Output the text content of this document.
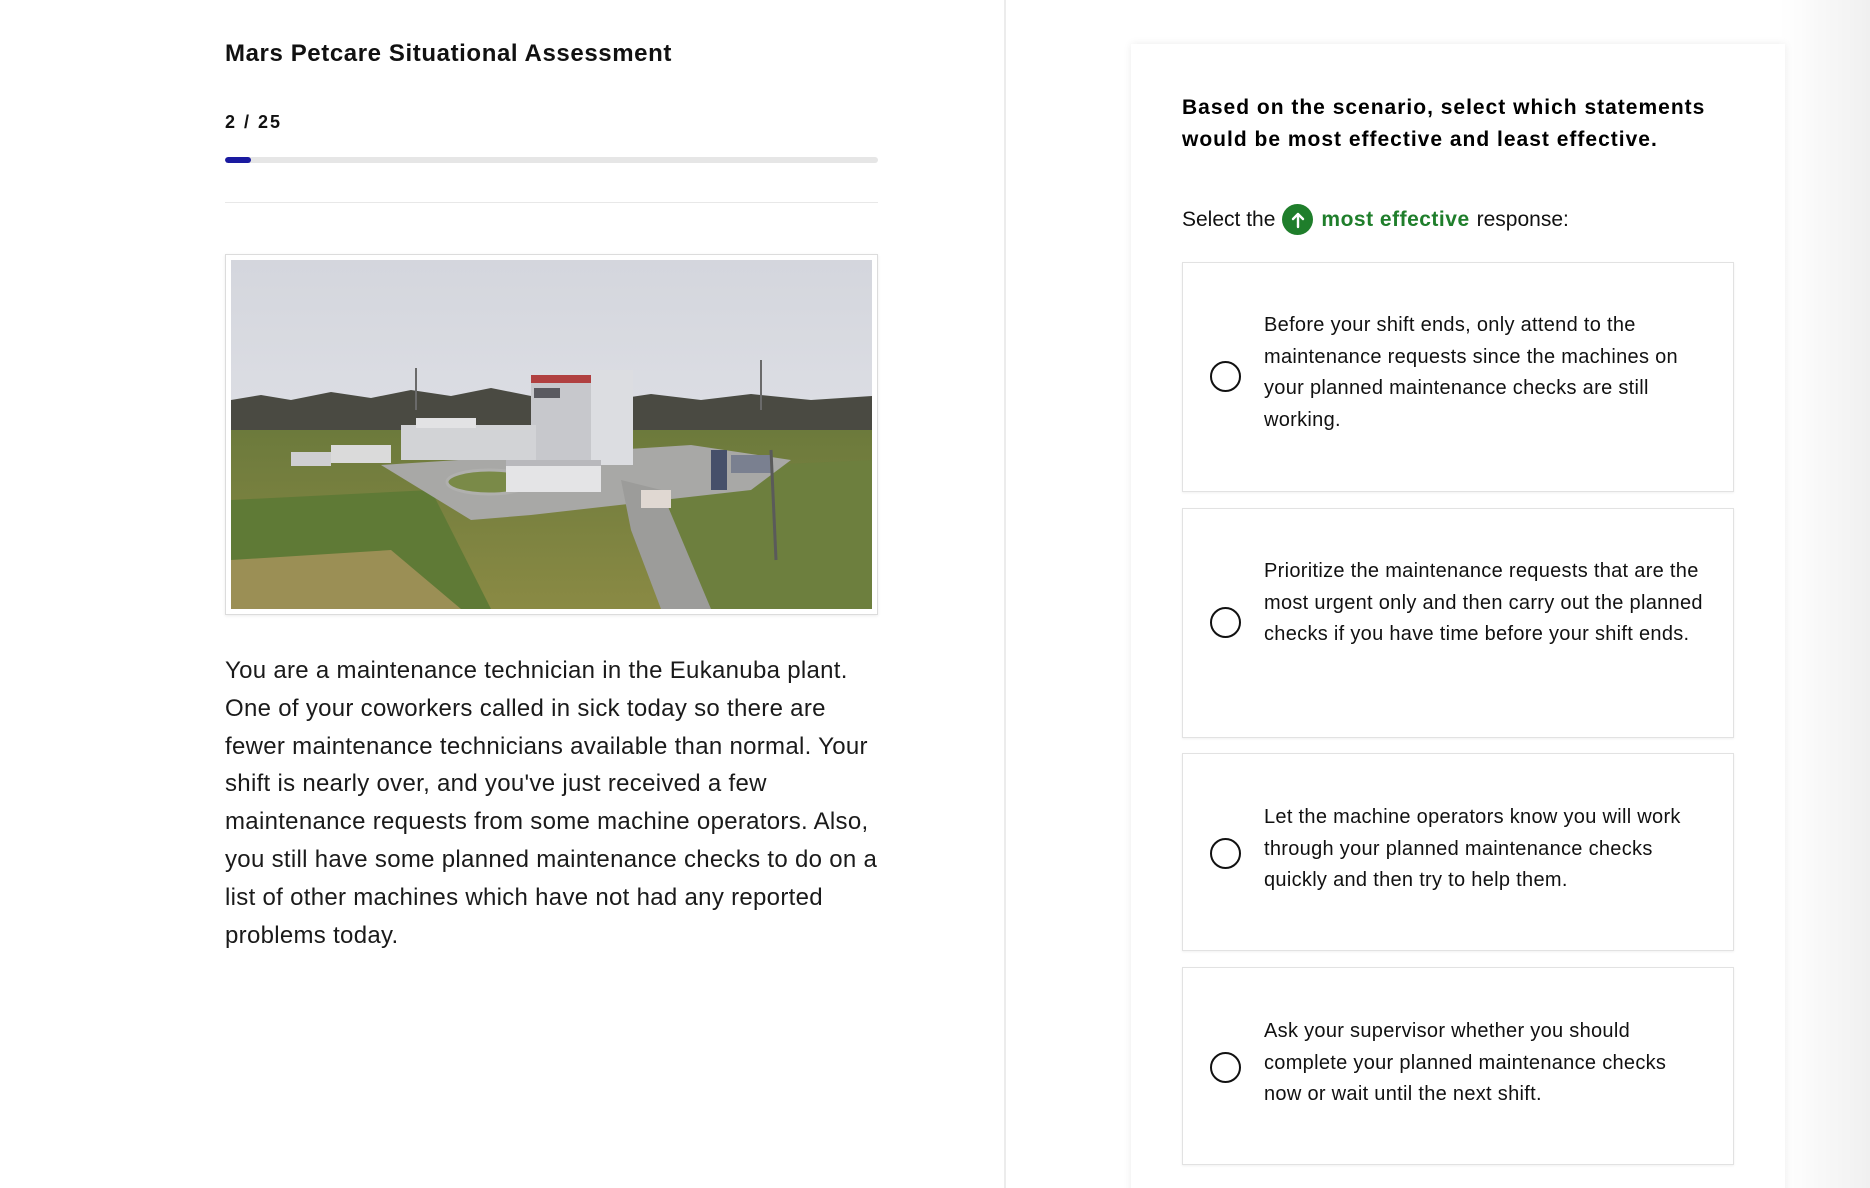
Mars Petcare Situational Assessment
2 / 25

You are a maintenance technician in the Eukanuba plant. One of your coworkers called in sick today so there are fewer maintenance technicians available than normal. Your shift is nearly over, and you've just received a few maintenance requests from some machine operators. Also, you still have some planned maintenance checks to do on a list of other machines which have not had any reported problems today.

Based on the scenario, select which statements would be most effective and least effective.
Select the most effective response:
Before your shift ends, only attend to the maintenance requests since the machines on your planned maintenance checks are still working.
Prioritize the maintenance requests that are the most urgent only and then carry out the planned checks if you have time before your shift ends.
Let the machine operators know you will work through your planned maintenance checks quickly and then try to help them.
Ask your supervisor whether you should complete your planned maintenance checks now or wait until the next shift.
